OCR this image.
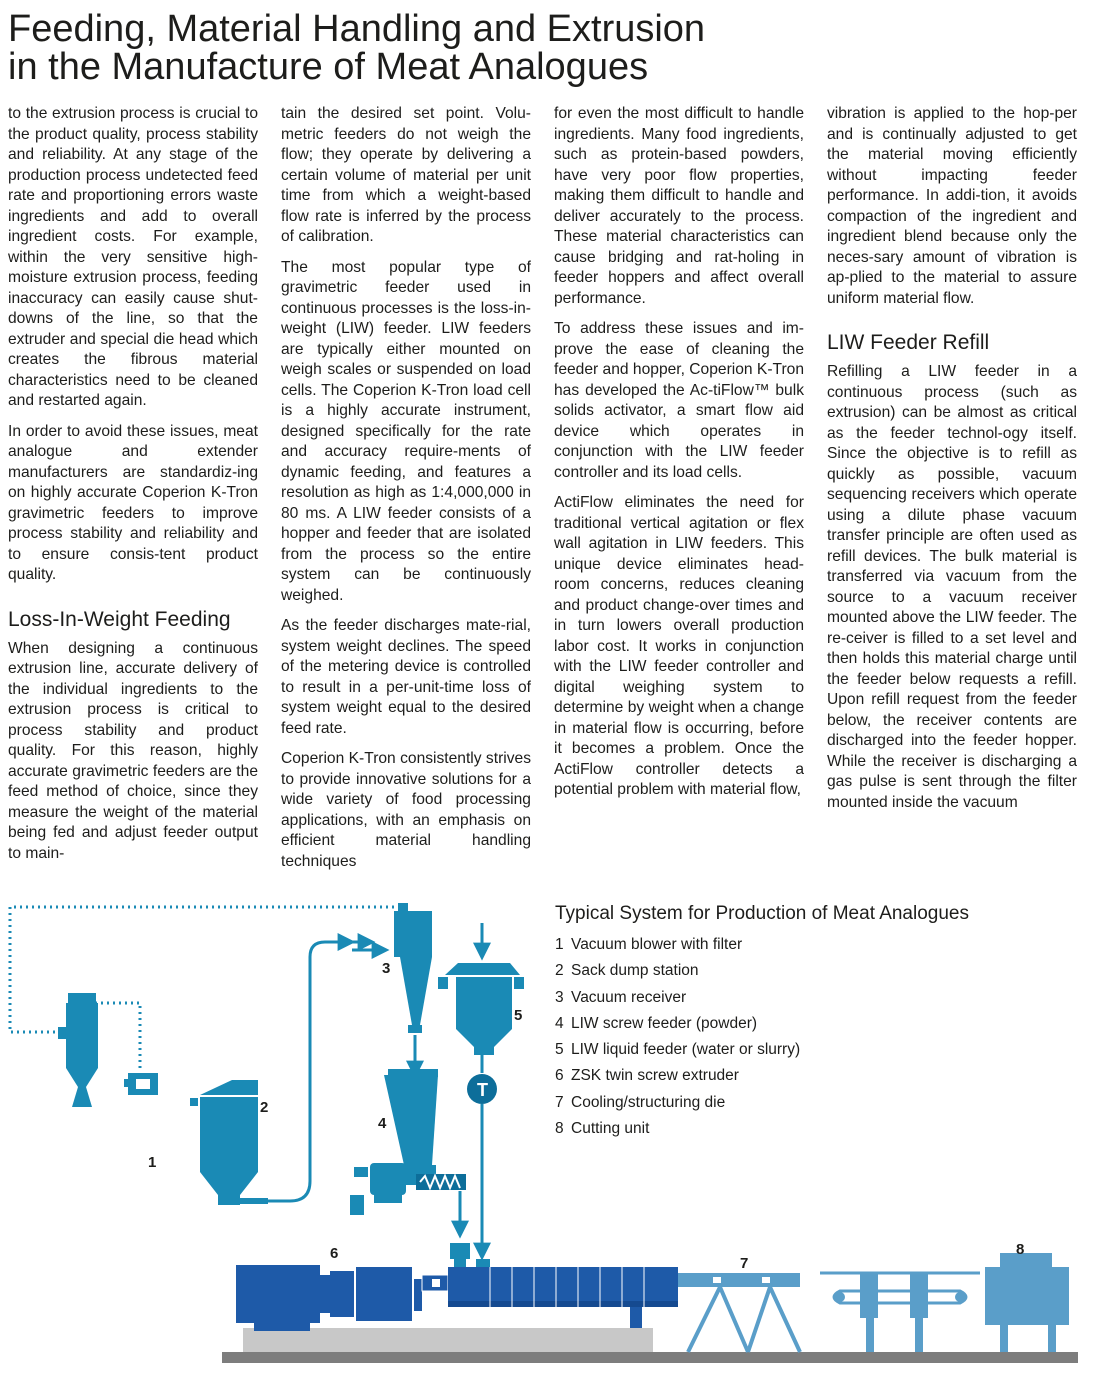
Feeding, Material Handling and Extrusion
in the Manufacture of Meat Analogues

to the extrusion process is crucial to the product quality, process stability and reliability. At any stage of the production process undetected feed rate and proportioning errors waste ingredients and add to overall ingredient costs. For example, within the very sensitive high-moisture extrusion process, feeding inaccuracy can easily cause shut-downs of the line, so that the extruder and special die head which creates the fibrous material characteristics need to be cleaned and restarted again.

In order to avoid these issues, meat analogue and extender manufacturers are standardiz-ing on highly accurate Coperion K-Tron gravimetric feeders to improve process stability and reliability and to ensure consis-tent product quality.

Loss-In-Weight Feeding

When designing a continuous extrusion line, accurate delivery of the individual ingredients to the extrusion process is critical to process stability and product quality. For this reason, highly accurate gravimetric feeders are the feed method of choice, since they measure the weight of the material being fed and adjust feeder output to main-

tain the desired set point. Volu-metric feeders do not weigh the flow; they operate by delivering a certain volume of material per unit time from which a weight-based flow rate is inferred by the process of calibration.

The most popular type of gravimetric feeder used in continuous processes is the loss-in-weight (LIW) feeder. LIW feeders are typically either mounted on weigh scales or suspended on load cells. The Coperion K-Tron load cell is a highly accurate instrument, designed specifically for the rate and accuracy require-ments of dynamic feeding, and features a resolution as high as 1:4,000,000 in 80 ms. A LIW feeder consists of a hopper and feeder that are isolated from the process so the entire system can be continuously weighed.

As the feeder discharges mate-rial, system weight declines. The speed of the metering device is controlled to result in a per-unit-time loss of system weight equal to the desired feed rate.

Coperion K-Tron consistently strives to provide innovative solutions for a wide variety of food processing applications, with an emphasis on efficient material handling techniques

for even the most difficult to handle ingredients. Many food ingredients, such as protein-based powders, have very poor flow properties, making them difficult to handle and deliver accurately to the process. These material characteristics can cause bridging and rat-holing in feeder hoppers and affect overall performance.

To address these issues and im-prove the ease of cleaning the feeder and hopper, Coperion K-Tron has developed the Ac-tiFlow™ bulk solids activator, a smart flow aid device which operates in conjunction with the LIW feeder controller and its load cells.

ActiFlow eliminates the need for traditional vertical agitation or flex wall agitation in LIW feeders. This unique device eliminates head-room concerns, reduces cleaning and product change-over times and in turn lowers overall production labor cost. It works in conjunction with the LIW feeder controller and digital weighing system to determine by weight when a change in material flow is occurring, before it becomes a problem. Once the ActiFlow controller detects a potential problem with material flow,

vibration is applied to the hop-per and is continually adjusted to get the material moving efficiently without impacting feeder performance. In addi-tion, it avoids compaction of the ingredient and ingredient blend because only the neces-sary amount of vibration is ap-plied to the material to assure uniform material flow.

LIW Feeder Refill

Refilling a LIW feeder in a continuous process (such as extrusion) can be almost as critical as the feeder technol-ogy itself. Since the objective is to refill as quickly as possible, vacuum sequencing receivers which operate using a dilute phase vacuum transfer principle are often used as refill devices. The bulk material is transferred via vacuum from the source to a vacuum receiver mounted above the LIW feeder. The re-ceiver is filled to a set level and then holds this material charge until the feeder below requests a refill. Upon refill request from the feeder below, the receiver contents are discharged into the feeder hopper. While the receiver is discharging a gas pulse is sent through the filter mounted inside the vacuum

T
1
2
3
4
5
6
7
8
Typical System for Production of Meat Analogues
1 Vacuum blower with filter
2 Sack dump station
3 Vacuum receiver
4 LIW screw feeder (powder)
5 LIW liquid feeder (water or slurry)
6 ZSK twin screw extruder
7 Cooling/structuring die
8 Cutting unit
